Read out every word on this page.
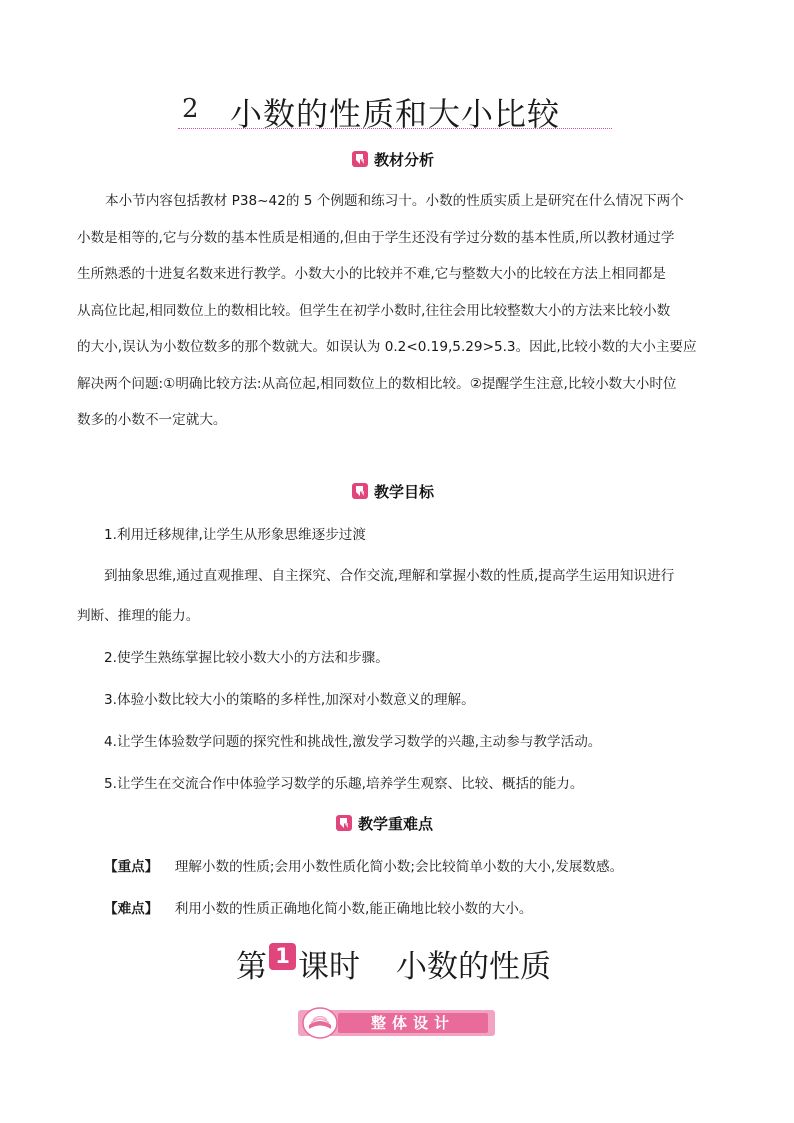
2 小数的性质和大小比较
教材分析
本小节内容包括教材 P38~42的 5 个例题和练习十。小数的性质实质上是研究在什么情况下两个
小数是相等的,它与分数的基本性质是相通的,但由于学生还没有学过分数的基本性质,所以教材通过学
生所熟悉的十进复名数来进行教学。小数大小的比较并不难,它与整数大小的比较在方法上相同都是
从高位比起,相同数位上的数相比较。但学生在初学小数时,往往会用比较整数大小的方法来比较小数
的大小,误认为小数位数多的那个数就大。如误认为 0.2<0.19,5.29>5.3。因此,比较小数的大小主要应
解决两个问题:①明确比较方法:从高位起,相同数位上的数相比较。②提醒学生注意,比较小数大小时位
数多的小数不一定就大。
教学目标
1.利用迁移规律,让学生从形象思维逐步过渡
到抽象思维,通过直观推理、自主探究、合作交流,理解和掌握小数的性质,提高学生运用知识进行
判断、推理的能力。
2.使学生熟练掌握比较小数大小的方法和步骤。
3.体验小数比较大小的策略的多样性,加深对小数意义的理解。
4.让学生体验数学问题的探究性和挑战性,激发学习数学的兴趣,主动参与教学活动。
5.让学生在交流合作中体验学习数学的乐趣,培养学生观察、比较、概括的能力。
教学重难点
【重点】 理解小数的性质;会用小数性质化简小数;会比较简单小数的大小,发展数感。
【难点】 利用小数的性质正确地化简小数,能正确地比较小数的大小。
第 1 课时 小数的性质
整体设计
